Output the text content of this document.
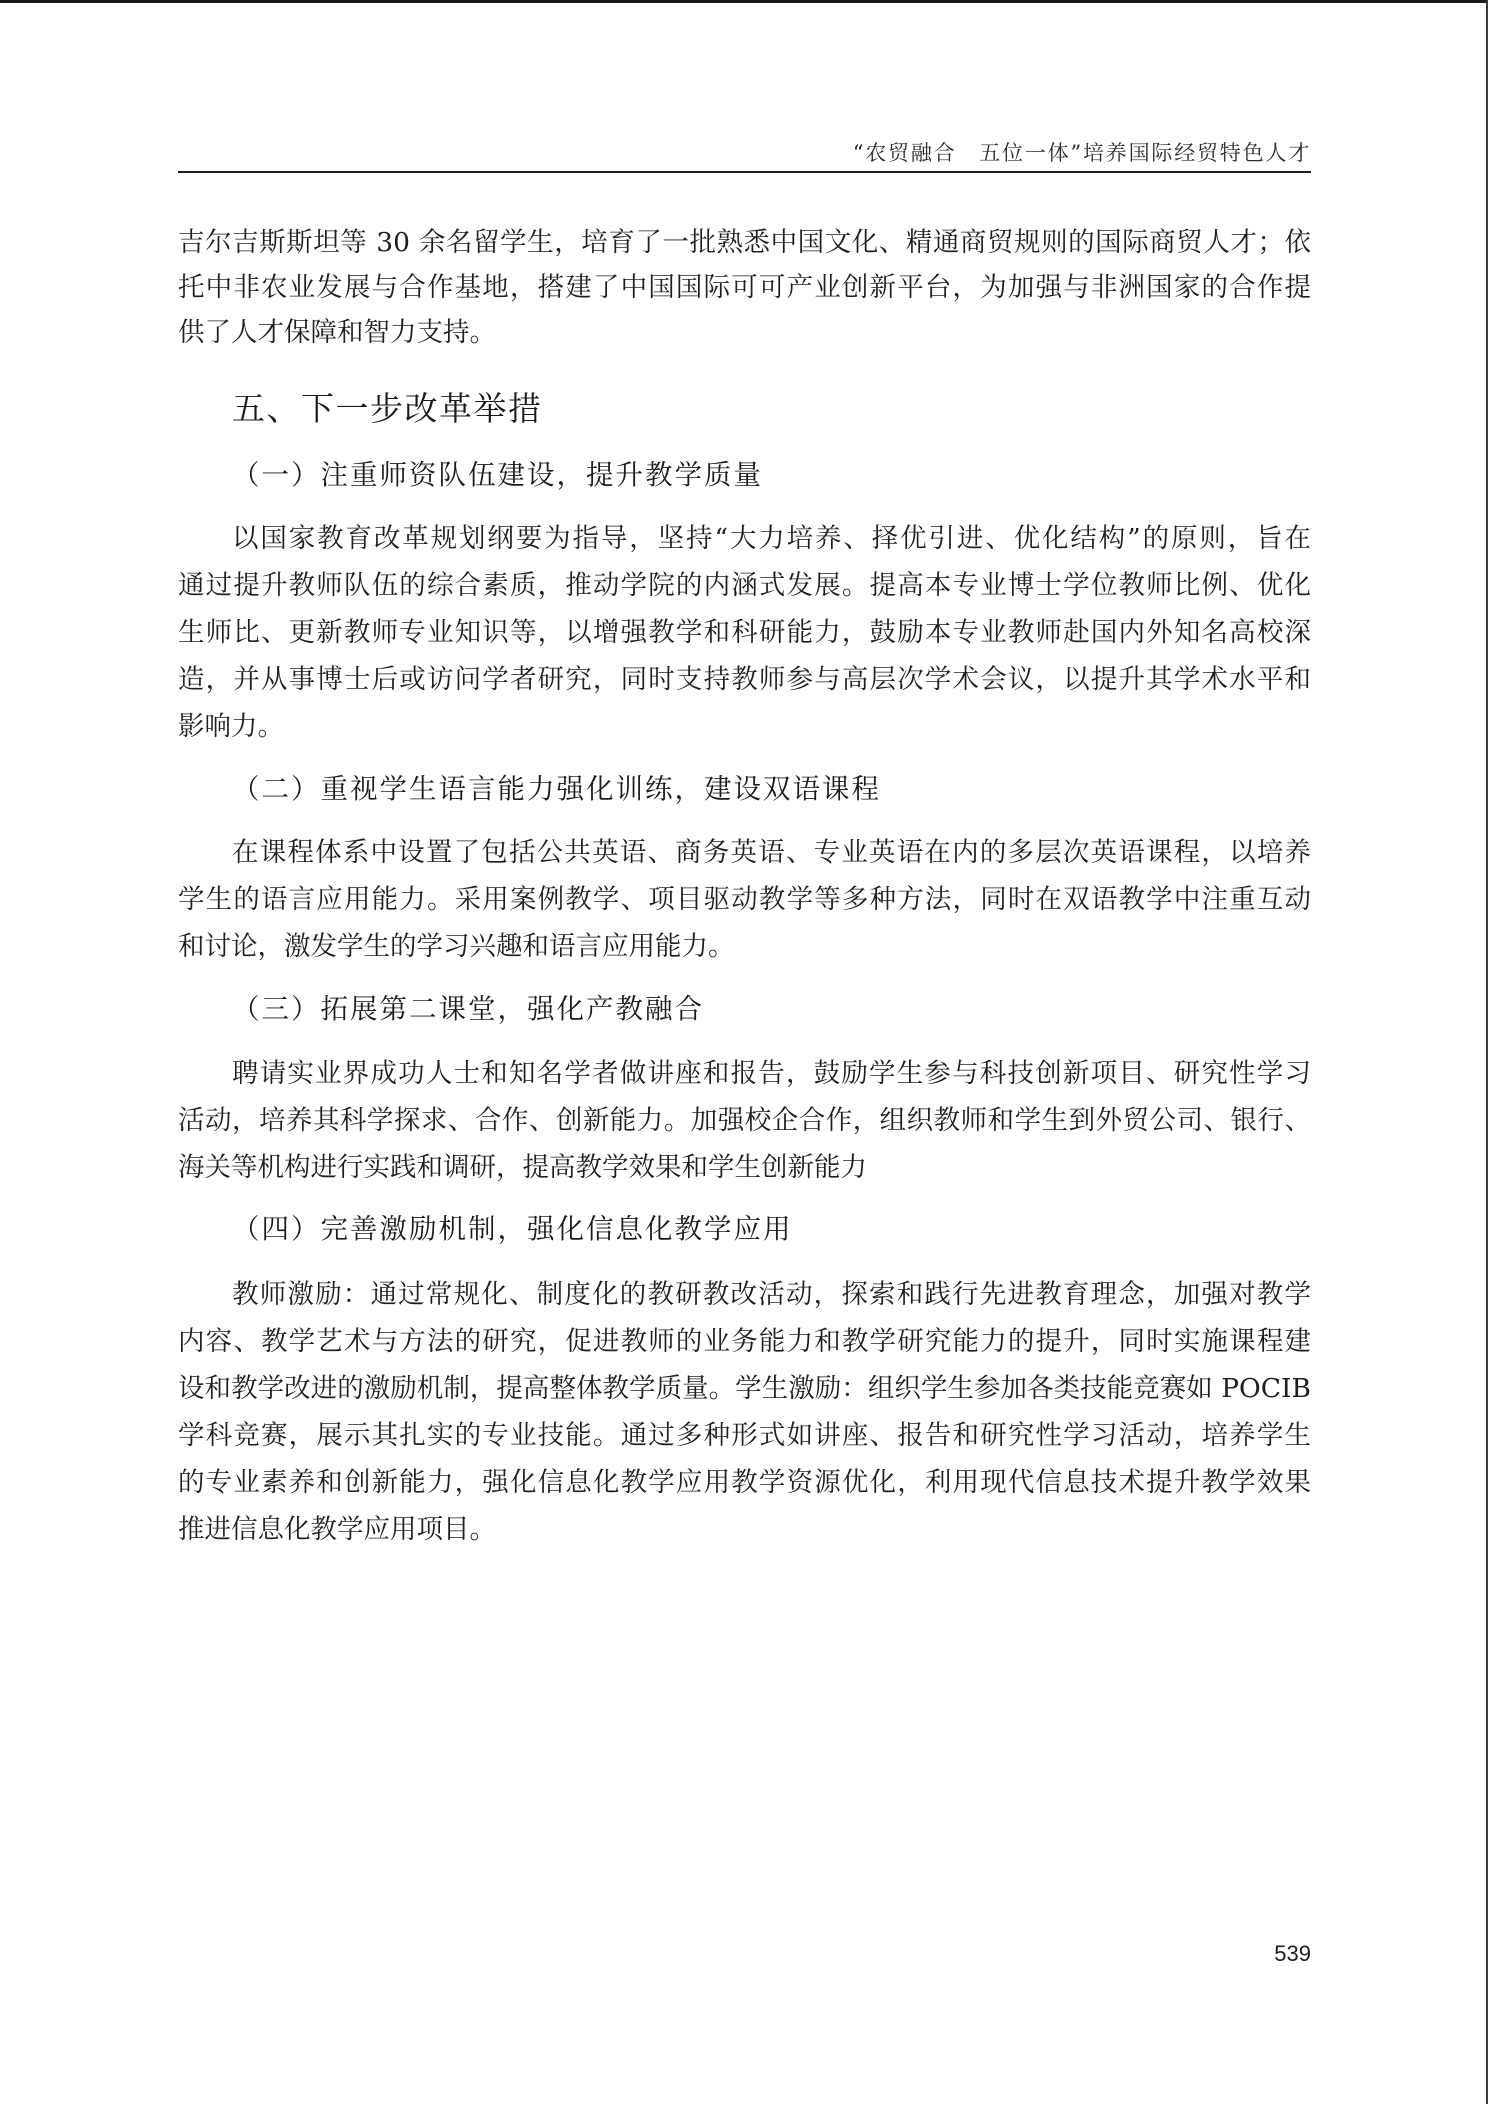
“农贸融合　五位一体”培养国际经贸特色人才
吉尔吉斯斯坦等 30 余名留学生，培育了一批熟悉中国文化、精通商贸规则的国际商贸人才；依
托中非农业发展与合作基地，搭建了中国国际可可产业创新平台，为加强与非洲国家的合作提
供了人才保障和智力支持。
五、下一步改革举措
（一）注重师资队伍建设，提升教学质量
以国家教育改革规划纲要为指导，坚持“大力培养、择优引进、优化结构”的原则，旨在
通过提升教师队伍的综合素质，推动学院的内涵式发展。提高本专业博士学位教师比例、优化
生师比、更新教师专业知识等，以增强教学和科研能力，鼓励本专业教师赴国内外知名高校深
造，并从事博士后或访问学者研究，同时支持教师参与高层次学术会议，以提升其学术水平和
影响力。
（二）重视学生语言能力强化训练，建设双语课程
在课程体系中设置了包括公共英语、商务英语、专业英语在内的多层次英语课程，以培养
学生的语言应用能力。采用案例教学、项目驱动教学等多种方法，同时在双语教学中注重互动
和讨论，激发学生的学习兴趣和语言应用能力。
（三）拓展第二课堂，强化产教融合
聘请实业界成功人士和知名学者做讲座和报告，鼓励学生参与科技创新项目、研究性学习
活动，培养其科学探求、合作、创新能力。加强校企合作，组织教师和学生到外贸公司、银行、
海关等机构进行实践和调研，提高教学效果和学生创新能力
（四）完善激励机制，强化信息化教学应用
教师激励：通过常规化、制度化的教研教改活动，探索和践行先进教育理念，加强对教学
内容、教学艺术与方法的研究，促进教师的业务能力和教学研究能力的提升，同时实施课程建
设和教学改进的激励机制，提高整体教学质量。学生激励：组织学生参加各类技能竞赛如 POCIB
学科竞赛，展示其扎实的专业技能。通过多种形式如讲座、报告和研究性学习活动，培养学生
的专业素养和创新能力，强化信息化教学应用教学资源优化，利用现代信息技术提升教学效果
推进信息化教学应用项目。
539
